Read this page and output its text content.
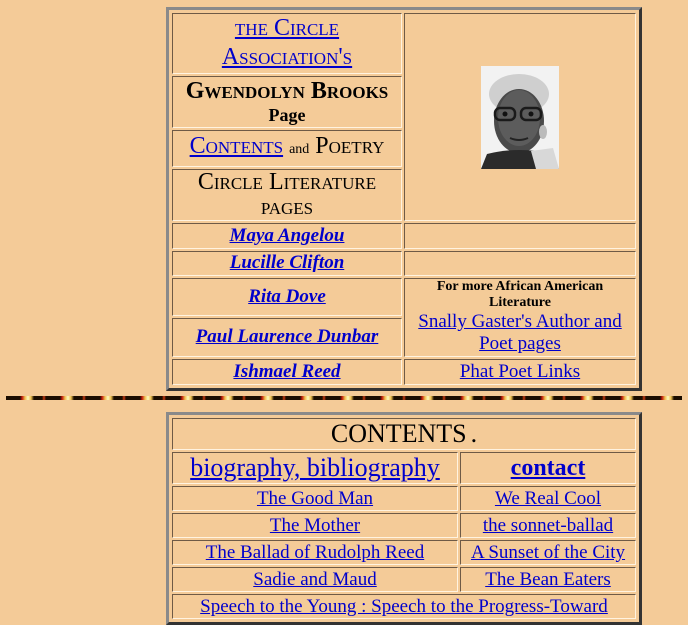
the Circle
Association's	

Gwendolyn Brooks
Page	

Contents and Poetry	

Circle Literature
pages	

Maya Angelou	
Lucille Clifton	
Rita Dove	For more African American Literature
Snally Gaster's Author and Poet pages
Paul Laurence Dunbar	
Ishmael Reed	Phat Poet Links
CONTENTS .	
biography, bibliography	contact
The Good Man	We Real Cool
The Mother	the sonnet-ballad
The Ballad of Rudolph Reed	A Sunset of the City
Sadie and Maud	The Bean Eaters
Speech to the Young : Speech to the Progress-Toward	
